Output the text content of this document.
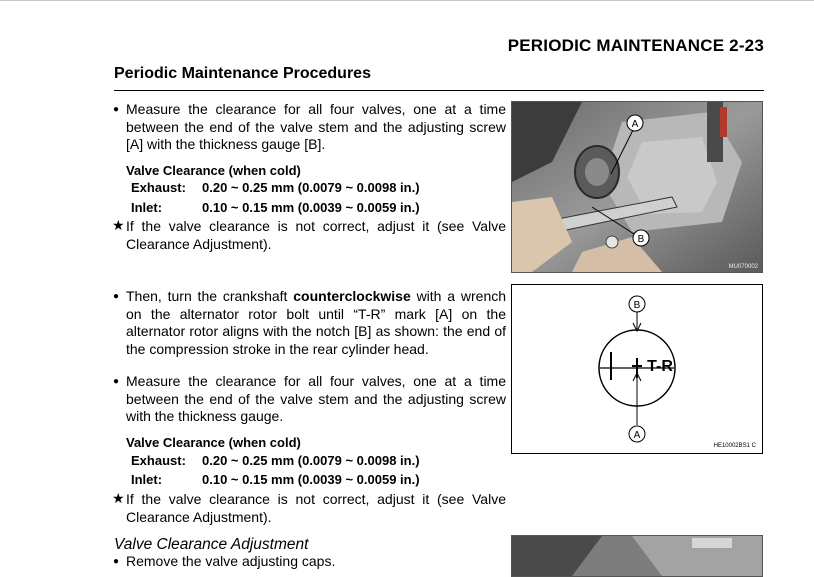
PERIODIC MAINTENANCE 2-23
Periodic Maintenance Procedures
● Measure the clearance for all four valves, one at a time between the end of the valve stem and the adjusting screw [A] with the thickness gauge [B].
Valve Clearance (when cold)
Exhaust: 0.20 ~ 0.25 mm (0.0079 ~ 0.0098 in.)
Inlet:	0.10 ~ 0.15 mm (0.0039 ~ 0.0059 in.)
★ If the valve clearance is not correct, adjust it (see Valve Clearance Adjustment).
● Then, turn the crankshaft counterclockwise with a wrench on the alternator rotor bolt until “T-R” mark [A] on the alternator rotor aligns with the notch [B] as shown: the end of the compression stroke in the rear cylinder head.
● Measure the clearance for all four valves, one at a time between the end of the valve stem and the adjusting screw with the thickness gauge.
Valve Clearance (when cold)
Exhaust: 0.20 ~ 0.25 mm (0.0079 ~ 0.0098 in.)
Inlet:	0.10 ~ 0.15 mm (0.0039 ~ 0.0059 in.)
★ If the valve clearance is not correct, adjust it (see Valve Clearance Adjustment).
Valve Clearance Adjustment
● Remove the valve adjusting caps.
A
B
MU070002
T-R
B
A
HE10002BS1 C
